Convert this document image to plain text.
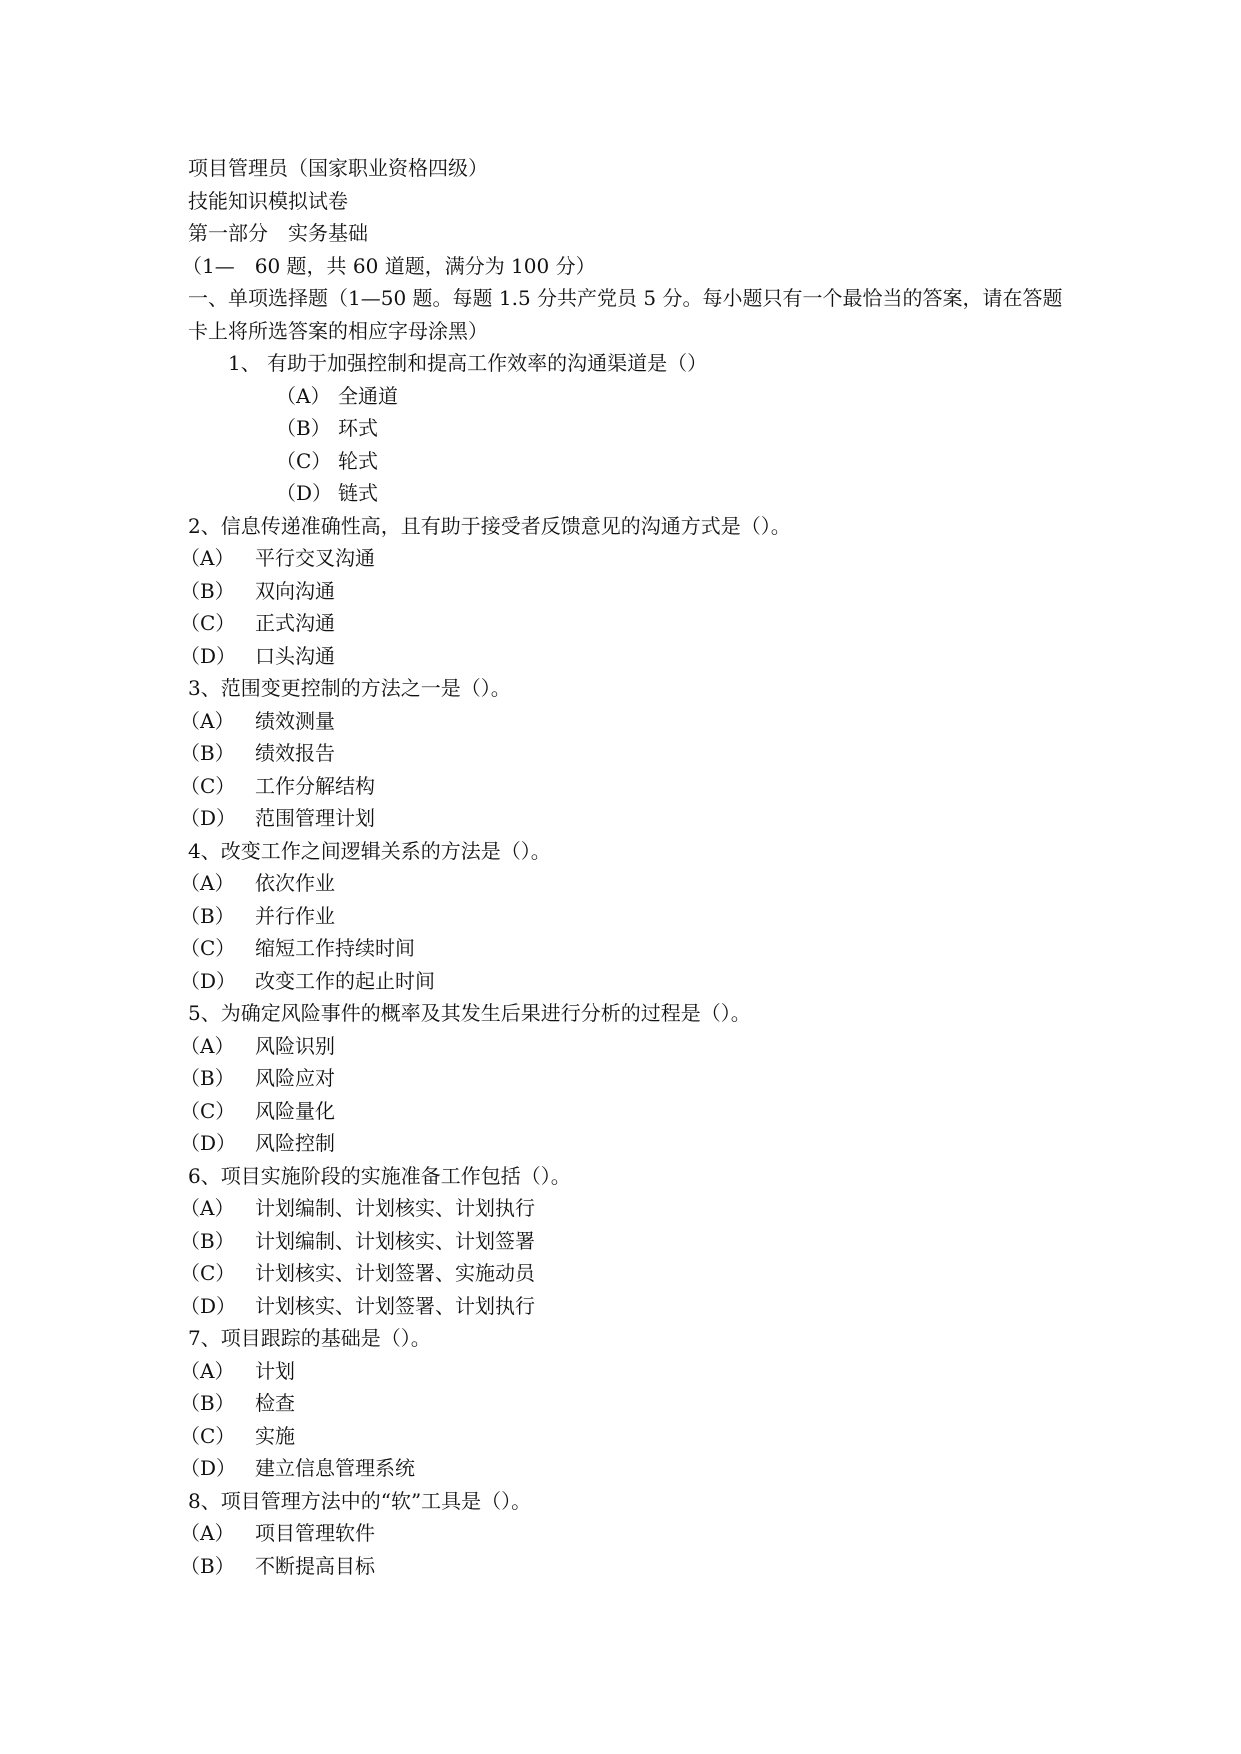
项目管理员（国家职业资格四级）
技能知识模拟试卷
第一部分　实务基础
（1—　60 题，共 60 道题，满分为 100 分）
一、单项选择题（1—50 题。每题 1.5 分共产党员 5 分。每小题只有一个最恰当的答案，请在答题卡上将所选答案的相应字母涂黑）
1、 有助于加强控制和提高工作效率的沟通渠道是（）
（A） 全通道
（B） 环式
（C） 轮式
（D） 链式
2、信息传递准确性高，且有助于接受者反馈意见的沟通方式是（）。
（A）	平行交叉沟通
（B）	双向沟通
（C） 正式沟通
（D） 口头沟通
3、范围变更控制的方法之一是（）。
（A）	绩效测量
（B）	绩效报告
（C） 工作分解结构
（D） 范围管理计划
4、改变工作之间逻辑关系的方法是（）。
（A）	依次作业
（B）	并行作业
（C） 缩短工作持续时间
（D） 改变工作的起止时间
5、为确定风险事件的概率及其发生后果进行分析的过程是（）。
（A）	风险识别
（B）	风险应对
（C） 风险量化
（D） 风险控制
6、项目实施阶段的实施准备工作包括（）。
（A）	计划编制、计划核实、计划执行
（B）	计划编制、计划核实、计划签署
（C） 计划核实、计划签署、实施动员
（D） 计划核实、计划签署、计划执行
7、项目跟踪的基础是（）。
（A）	计划
（B）	检查
（C） 实施
（D） 建立信息管理系统
8、项目管理方法中的“软”工具是（）。
（A）	项目管理软件
（B）	不断提高目标
